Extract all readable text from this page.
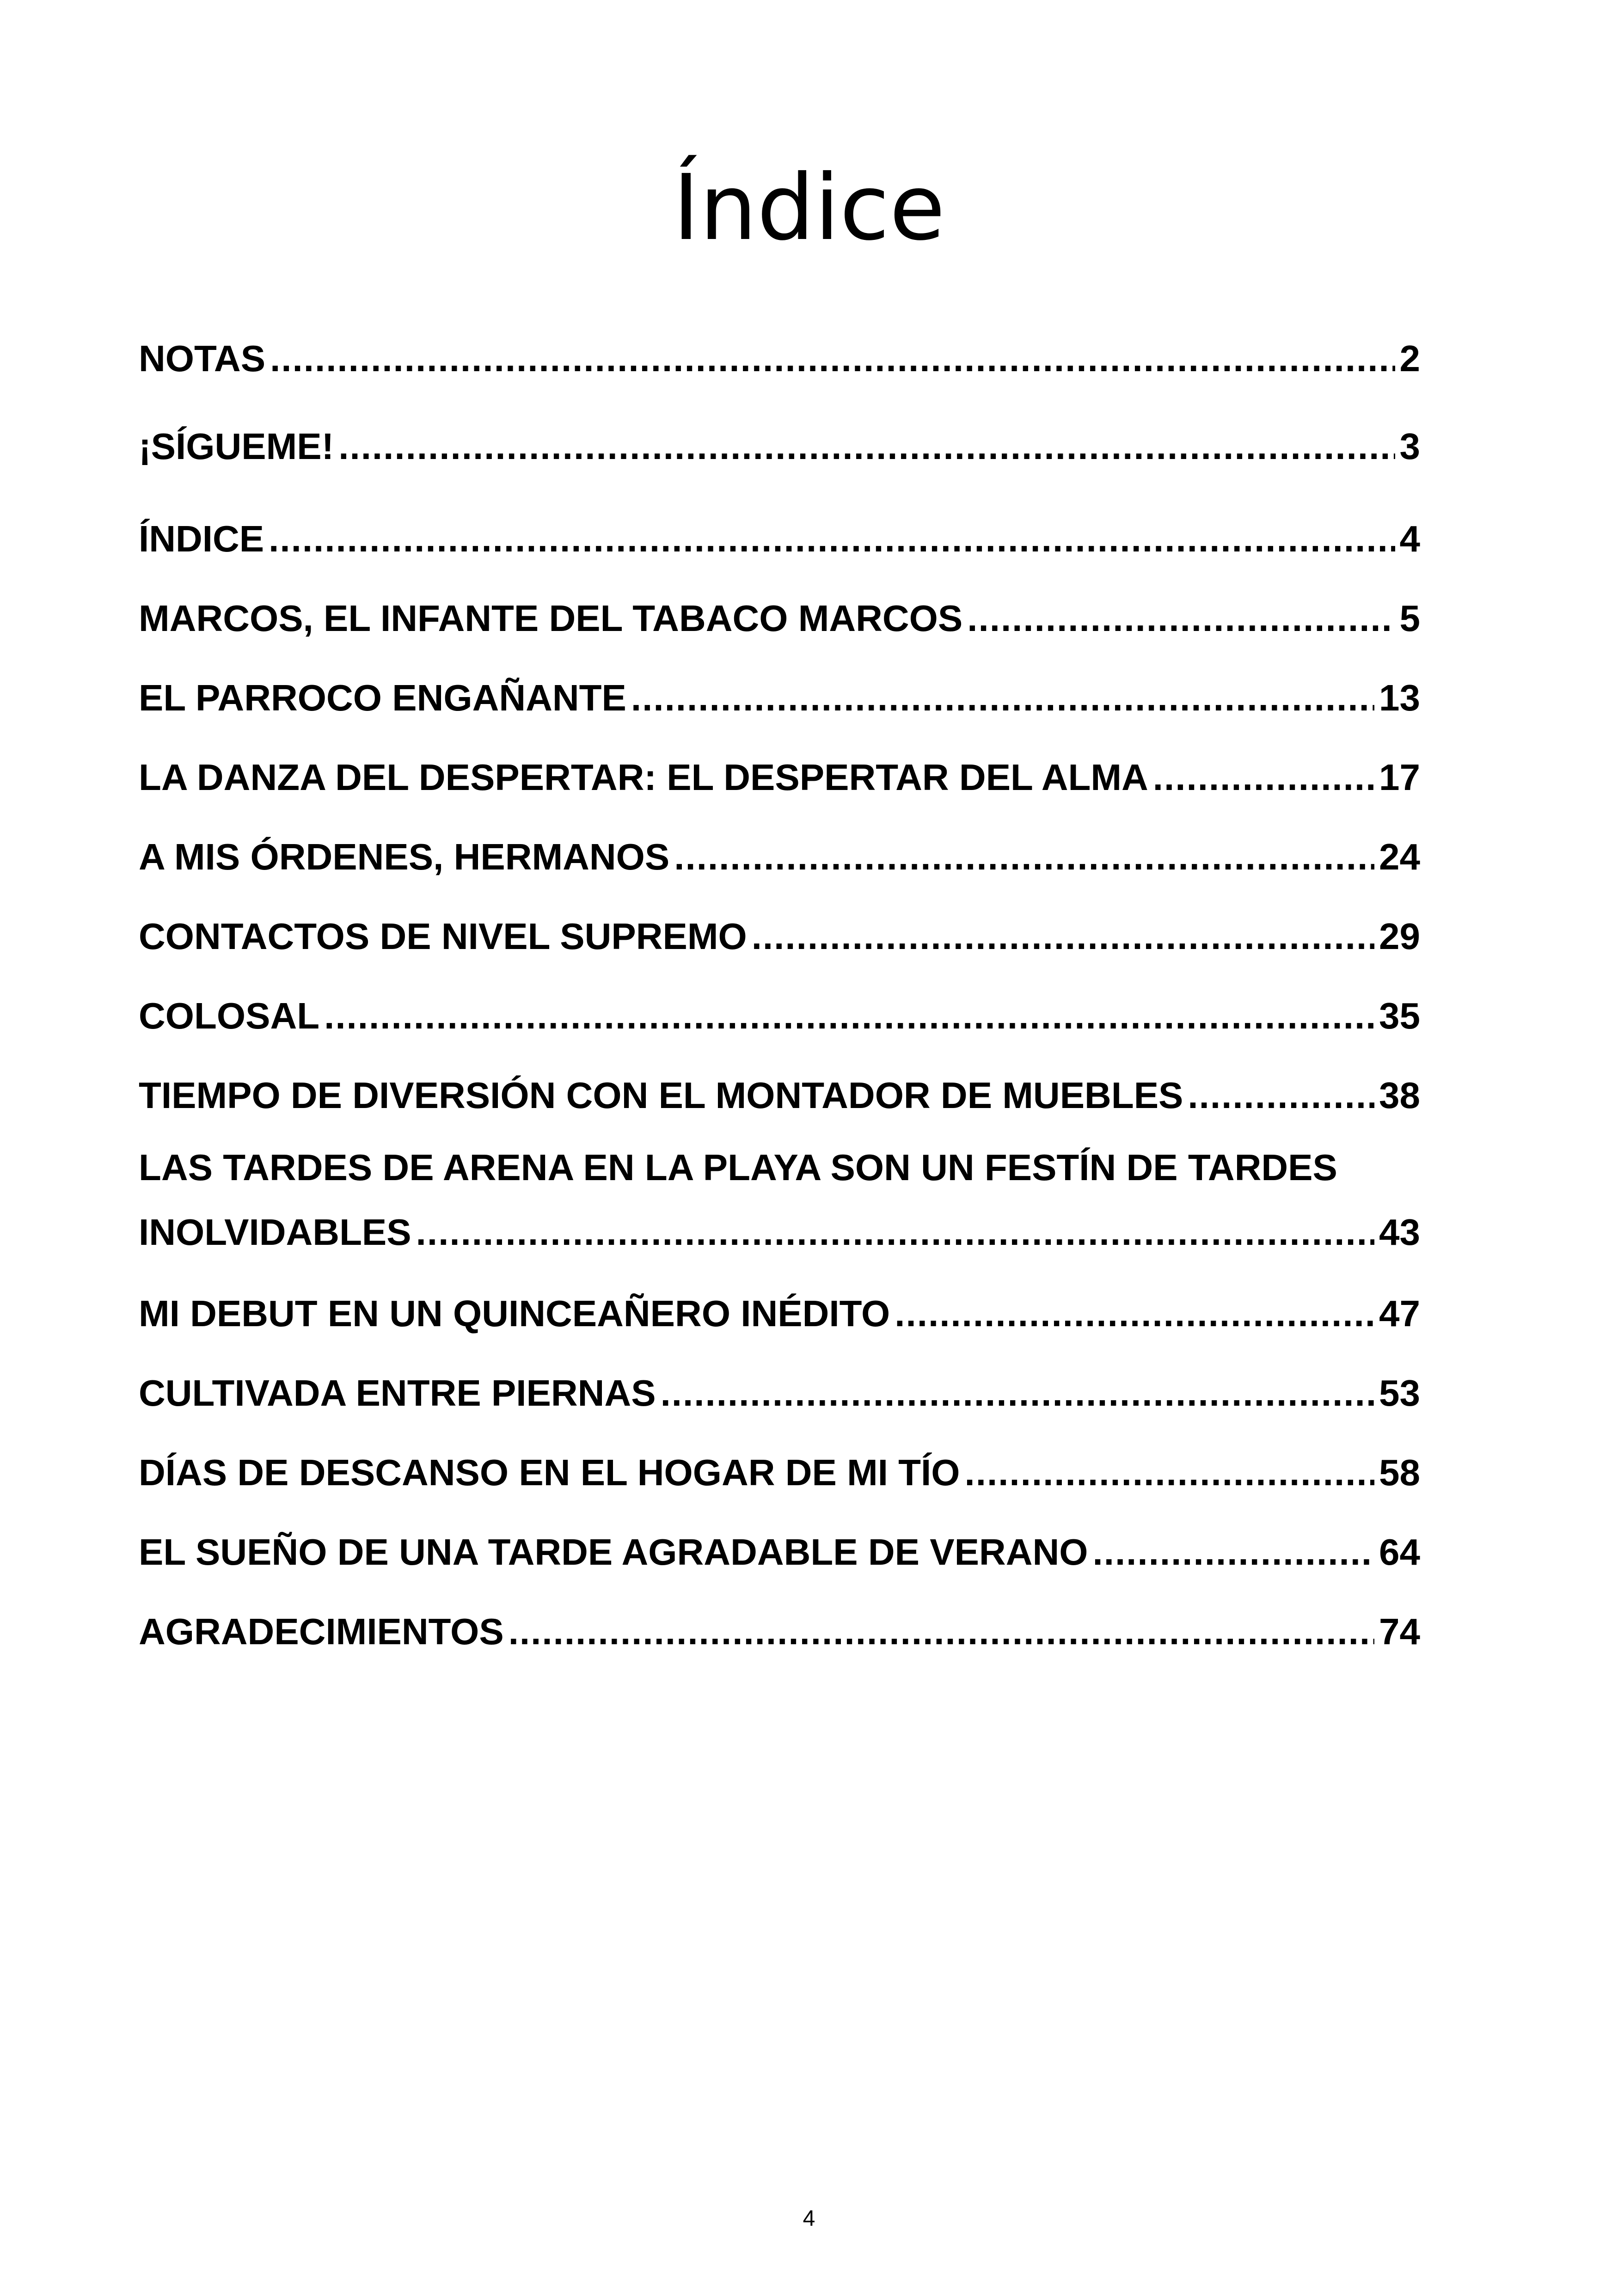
Índice
NOTAS .....	2
¡SÍGUEME! .....	3
ÍNDICE .....	4
MARCOS, EL INFANTE DEL TABACO MARCOS .....	5
EL PARROCO ENGAÑANTE .....	13
LA DANZA DEL DESPERTAR: EL DESPERTAR DEL ALMA .....	17
A MIS ÓRDENES, HERMANOS .....	24
CONTACTOS DE NIVEL SUPREMO .....	29
COLOSAL .....	35
TIEMPO DE DIVERSIÓN CON EL MONTADOR DE MUEBLES .....	38
LAS TARDES DE ARENA EN LA PLAYA SON UN FESTÍN DE TARDES
INOLVIDABLES .....	43
MI DEBUT EN UN QUINCEAÑERO INÉDITO .....	47
CULTIVADA ENTRE PIERNAS .....	53
DÍAS DE DESCANSO EN EL HOGAR DE MI TÍO .....	58
EL SUEÑO DE UNA TARDE AGRADABLE DE VERANO .....	64
AGRADECIMIENTOS .....	74
4
